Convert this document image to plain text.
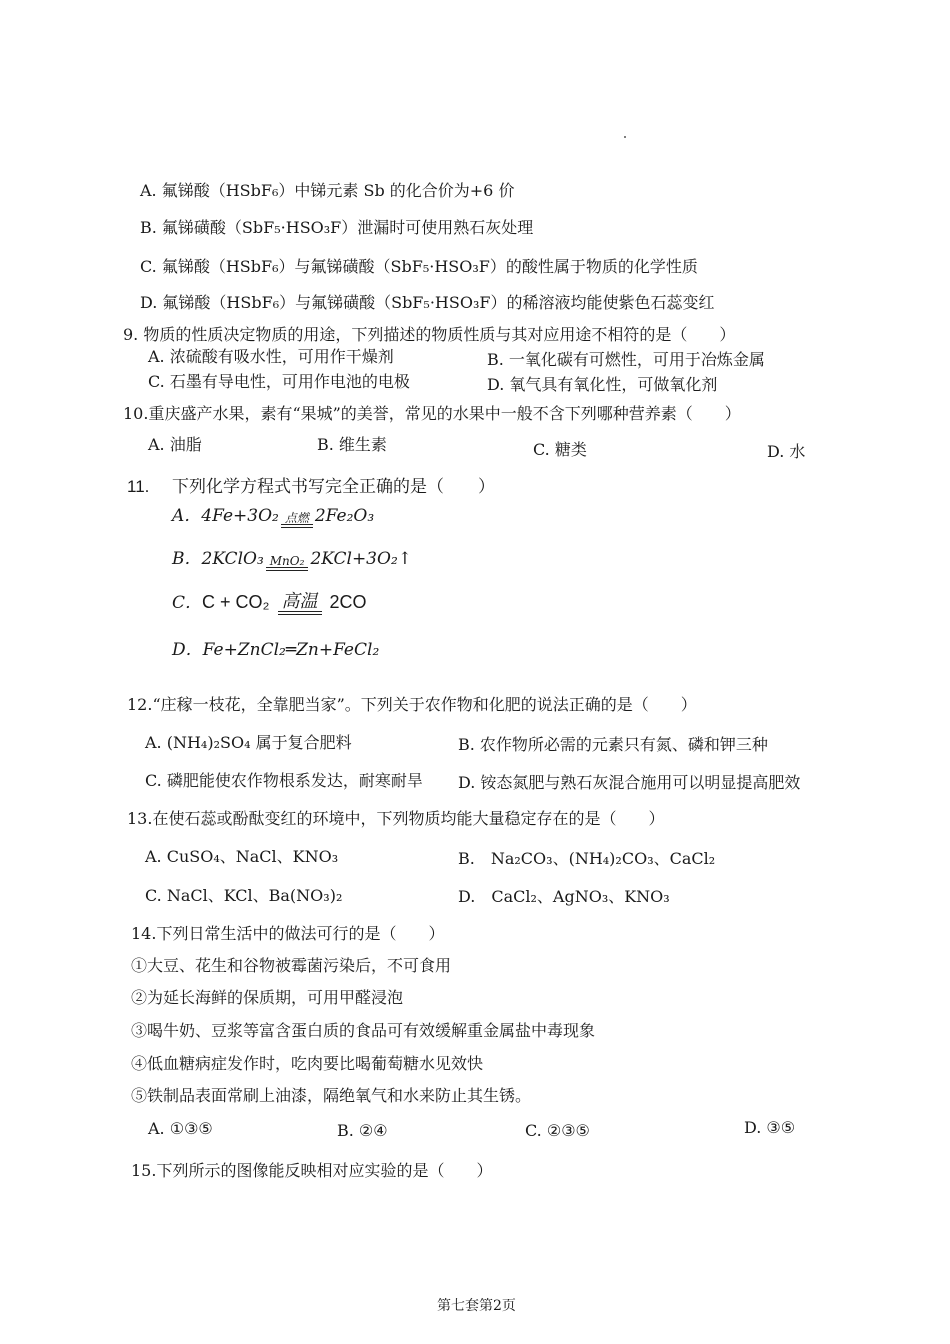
A. 氟锑酸（HSbF₆）中锑元素 Sb 的化合价为+6 价
B. 氟锑磺酸（SbF₅·HSO₃F）泄漏时可使用熟石灰处理
C. 氟锑酸（HSbF₆）与氟锑磺酸（SbF₅·HSO₃F）的酸性属于物质的化学性质
D. 氟锑酸（HSbF₆）与氟锑磺酸（SbF₅·HSO₃F）的稀溶液均能使紫色石蕊变红
9. 物质的性质决定物质的用途，下列描述的物质性质与其对应用途不相符的是（　　）
A. 浓硫酸有吸水性，可用作干燥剂	B. 一氧化碳有可燃性，可用于冶炼金属
C. 石墨有导电性，可用作电池的电极	D. 氧气具有氧化性，可做氧化剂
10.重庆盛产水果，素有“果城”的美誉，常见的水果中一般不含下列哪种营养素（　　）
A. 油脂	B. 维生素	C. 糖类	D. 水
11. 下列化学方程式书写完全正确的是（　　）
A．4Fe+3O₂ 点燃 2Fe₂O₃
B．2KClO₃ MnO₂ 2KCl+3O₂↑
C．C + CO₂ 高温 2CO
D．Fe+ZnCl₂═Zn+FeCl₂
12.“庄稼一枝花，全靠肥当家”。下列关于农作物和化肥的说法正确的是（　　）
A. (NH₄)₂SO₄ 属于复合肥料	B. 农作物所必需的元素只有氮、磷和钾三种
C. 磷肥能使农作物根系发达，耐寒耐旱 D. 铵态氮肥与熟石灰混合施用可以明显提高肥效
13.在使石蕊或酚酞变红的环境中，下列物质均能大量稳定存在的是（　　）
A. CuSO₄、NaCl、KNO₃	B.　Na₂CO₃、(NH₄)₂CO₃、CaCl₂
C. NaCl、KCl、Ba(NO₃)₂	D.　CaCl₂、AgNO₃、KNO₃
14.下列日常生活中的做法可行的是（　　）
①大豆、花生和谷物被霉菌污染后，不可食用
②为延长海鲜的保质期，可用甲醛浸泡
③喝牛奶、豆浆等富含蛋白质的食品可有效缓解重金属盐中毒现象
④低血糖病症发作时，吃肉要比喝葡萄糖水见效快
⑤铁制品表面常刷上油漆，隔绝氧气和水来防止其生锈。
A. ①③⑤	B. ②④	C. ②③⑤	D. ③⑤
15.下列所示的图像能反映相对应实验的是（　　）
第七套第2页
